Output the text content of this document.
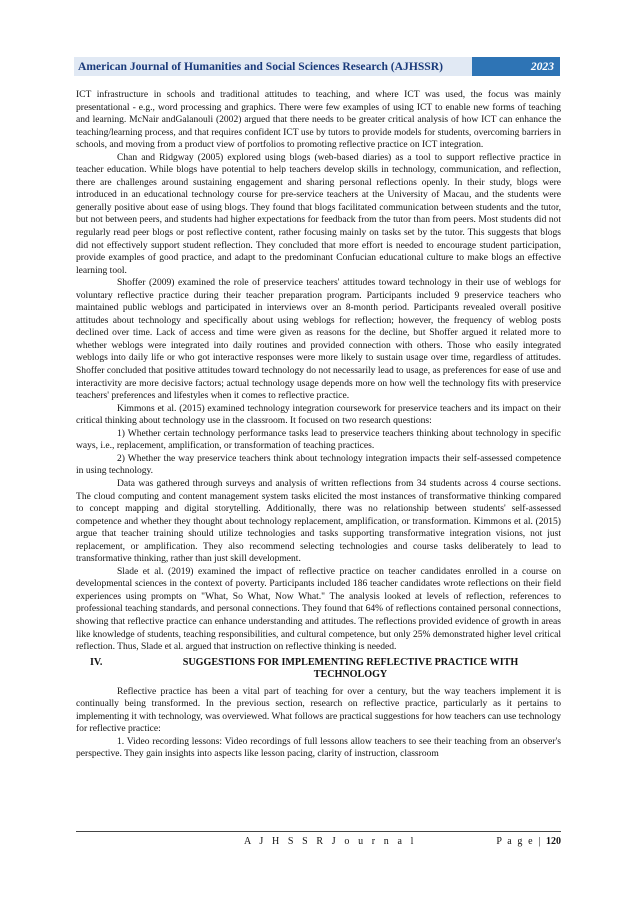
American Journal of Humanities and Social Sciences Research (AJHSSR)	2023

ICT infrastructure in schools and traditional attitudes to teaching, and where ICT was used, the focus was mainly presentational - e.g., word processing and graphics. There were few examples of using ICT to enable new forms of teaching and learning. McNair andGalanouli (2002) argued that there needs to be greater critical analysis of how ICT can enhance the teaching/learning process, and that requires confident ICT use by tutors to provide models for students, overcoming barriers in schools, and moving from a product view of portfolios to promoting reflective practice on ICT integration.

Chan and Ridgway (2005) explored using blogs (web-based diaries) as a tool to support reflective practice in teacher education. While blogs have potential to help teachers develop skills in technology, communication, and reflection, there are challenges around sustaining engagement and sharing personal reflections openly. In their study, blogs were introduced in an educational technology course for pre-service teachers at the University of Macau, and the students were generally positive about ease of using blogs. They found that blogs facilitated communication between students and the tutor, but not between peers, and students had higher expectations for feedback from the tutor than from peers. Most students did not regularly read peer blogs or post reflective content, rather focusing mainly on tasks set by the tutor. This suggests that blogs did not effectively support student reflection. They concluded that more effort is needed to encourage student participation, provide examples of good practice, and adapt to the predominant Confucian educational culture to make blogs an effective learning tool.

Shoffer (2009) examined the role of preservice teachers' attitudes toward technology in their use of weblogs for voluntary reflective practice during their teacher preparation program. Participants included 9 preservice teachers who maintained public weblogs and participated in interviews over an 8-month period. Participants revealed overall positive attitudes about technology and specifically about using weblogs for reflection; however, the frequency of weblog posts declined over time. Lack of access and time were given as reasons for the decline, but Shoffer argued it related more to whether weblogs were integrated into daily routines and provided connection with others. Those who easily integrated weblogs into daily life or who got interactive responses were more likely to sustain usage over time, regardless of attitudes. Shoffer concluded that positive attitudes toward technology do not necessarily lead to usage, as preferences for ease of use and interactivity are more decisive factors; actual technology usage depends more on how well the technology fits with preservice teachers' preferences and lifestyles when it comes to reflective practice.

Kimmons et al. (2015) examined technology integration coursework for preservice teachers and its impact on their critical thinking about technology use in the classroom. It focused on two research questions:

1) Whether certain technology performance tasks lead to preservice teachers thinking about technology in specific ways, i.e., replacement, amplification, or transformation of teaching practices.

2) Whether the way preservice teachers think about technology integration impacts their self-assessed competence in using technology.

Data was gathered through surveys and analysis of written reflections from 34 students across 4 course sections. The cloud computing and content management system tasks elicited the most instances of transformative thinking compared to concept mapping and digital storytelling. Additionally, there was no relationship between students' self-assessed competence and whether they thought about technology replacement, amplification, or transformation. Kimmons et al. (2015) argue that teacher training should utilize technologies and tasks supporting transformative integration visions, not just replacement, or amplification. They also recommend selecting technologies and course tasks deliberately to lead to transformative thinking, rather than just skill development.

Slade et al. (2019) examined the impact of reflective practice on teacher candidates enrolled in a course on developmental sciences in the context of poverty. Participants included 186 teacher candidates wrote reflections on their field experiences using prompts on "What, So What, Now What." The analysis looked at levels of reflection, references to professional teaching standards, and personal connections. They found that 64% of reflections contained personal connections, showing that reflective practice can enhance understanding and attitudes. The reflections provided evidence of growth in areas like knowledge of students, teaching responsibilities, and cultural competence, but only 25% demonstrated higher level critical reflection. Thus, Slade et al. argued that instruction on reflective thinking is needed.

IV.	SUGGESTIONS FOR IMPLEMENTING REFLECTIVE PRACTICE WITH TECHNOLOGY

Reflective practice has been a vital part of teaching for over a century, but the way teachers implement it is continually being transformed. In the previous section, research on reflective practice, particularly as it pertains to implementing it with technology, was overviewed. What follows are practical suggestions for how teachers can use technology for reflective practice:

1. Video recording lessons: Video recordings of full lessons allow teachers to see their teaching from an observer's perspective. They gain insights into aspects like lesson pacing, clarity of instruction, classroom

A J H S S R J o u r n a l	P a g e | 120
